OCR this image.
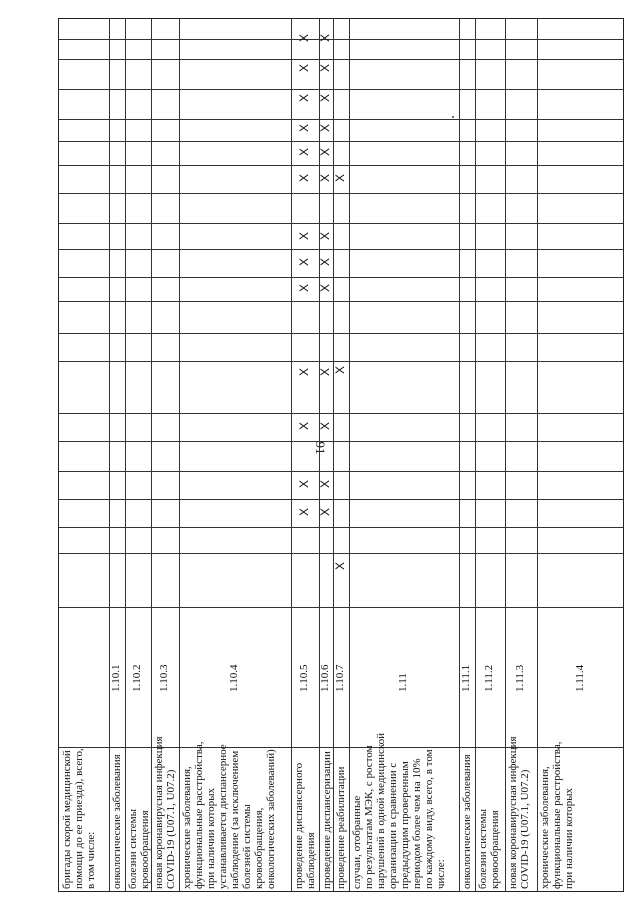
91
бригады скорой медицинской
помощи до ее приезда), всего,
в том числе: онкологические заболевания
1.10.1
болезни системы
кровообращения
1.10.2
новая коронавирусная инфекция
COVID-19 (U07.1, U07.2)
1.10.3
хронические заболевания,
функциональные расстройства,
при наличии которых
устанавливается диспансерное
наблюдение (за исключением
болезней системы
кровообращения,
онкологических заболеваний)
1.10.4
проведение диспансерного
наблюдения
1.10.5
X
X
X
X
X
X
X
X
X
X
X
X
X
проведение диспансеризации
1.10.6
X
X
X
X
X
X
X
X
X
X
X
X
X
проведение реабилитации
1.10.7
X
X
X
случаи, отобранные
по результатам МЭК, с ростом
нарушений в одной медицинской
организации в сравнении с
предыдущим проверенным
периодом более чем на 10%
по каждому виду, всего, в том
числе:
1.11
онкологические заболевания
1.11.1
болезни системы
кровообращения
1.11.2
новая коронавирусная инфекция
COVID-19 (U07.1, U07.2)
1.11.3
хронические заболевания,
функциональные расстройства,
при наличии которых
1.11.4
